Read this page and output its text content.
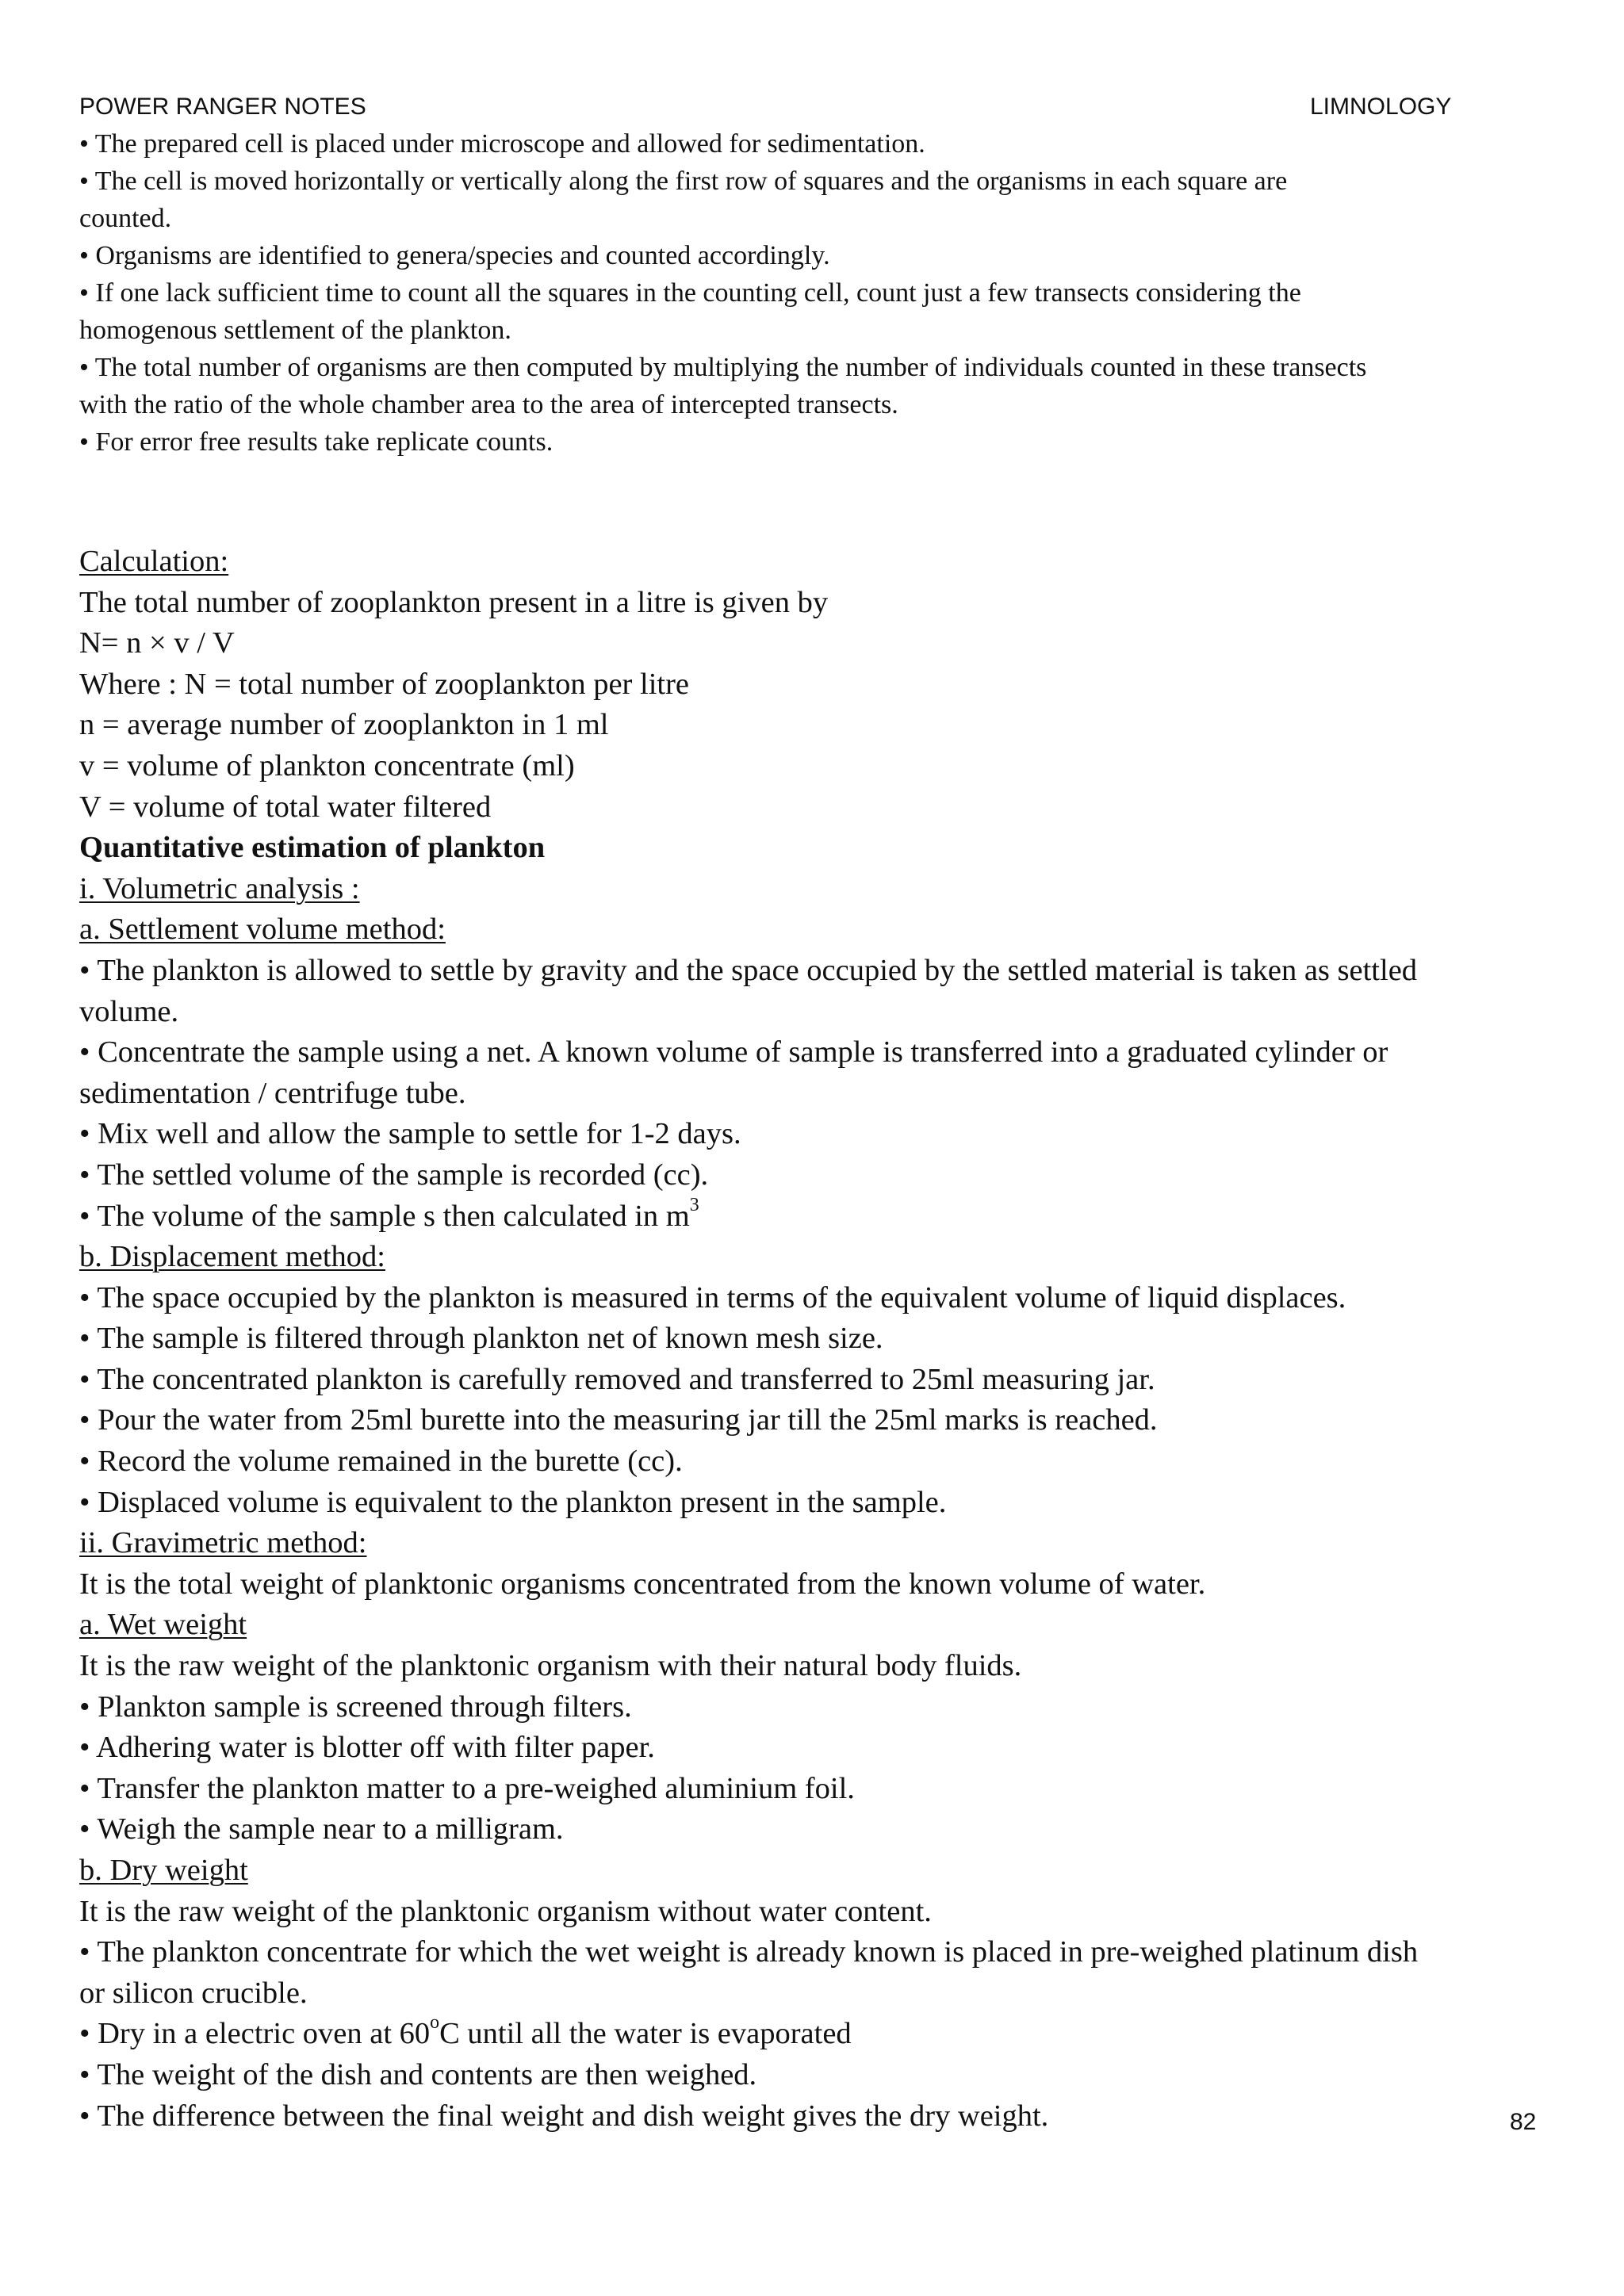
POWER RANGER NOTES	LIMNOLOGY

• The prepared cell is placed under microscope and allowed for sedimentation.

• The cell is moved horizontally or vertically along the first row of squares and the organisms in each square are

counted.

• Organisms are identified to genera/species and counted accordingly.

• If one lack sufficient time to count all the squares in the counting cell, count just a few transects considering the

homogenous settlement of the plankton.

• The total number of organisms are then computed by multiplying the number of individuals counted in these transects

with the ratio of the whole chamber area to the area of intercepted transects.

• For error free results take replicate counts.

Calculation:

The total number of zooplankton present in a litre is given by

N= n × v / V

Where : N = total number of zooplankton per litre

n = average number of zooplankton in 1 ml

v = volume of plankton concentrate (ml)

V = volume of total water filtered

Quantitative estimation of plankton

i. Volumetric analysis :

a. Settlement volume method:

• The plankton is allowed to settle by gravity and the space occupied by the settled material is taken as settled

volume.

• Concentrate the sample using a net. A known volume of sample is transferred into a graduated cylinder or

sedimentation / centrifuge tube.

• Mix well and allow the sample to settle for 1-2 days.

• The settled volume of the sample is recorded (cc).

• The volume of the sample s then calculated in $m^3$

b. Displacement method:

• The space occupied by the plankton is measured in terms of the equivalent volume of liquid displaces.

• The sample is filtered through plankton net of known mesh size.

• The concentrated plankton is carefully removed and transferred to 25ml measuring jar.

• Pour the water from 25ml burette into the measuring jar till the 25ml marks is reached.

• Record the volume remained in the burette (cc).

• Displaced volume is equivalent to the plankton present in the sample.

ii. Gravimetric method:

It is the total weight of planktonic organisms concentrated from the known volume of water.

a. Wet weight

It is the raw weight of the planktonic organism with their natural body fluids.

• Plankton sample is screened through filters.

• Adhering water is blotter off with filter paper.

• Transfer the plankton matter to a pre-weighed aluminium foil.

• Weigh the sample near to a milligram.

b. Dry weight

It is the raw weight of the planktonic organism without water content.

• The plankton concentrate for which the wet weight is already known is placed in pre-weighed platinum dish

or silicon crucible.

• Dry in a electric oven at 60$^o$C until all the water is evaporated

• The weight of the dish and contents are then weighed.

• The difference between the final weight and dish weight gives the dry weight.	82
